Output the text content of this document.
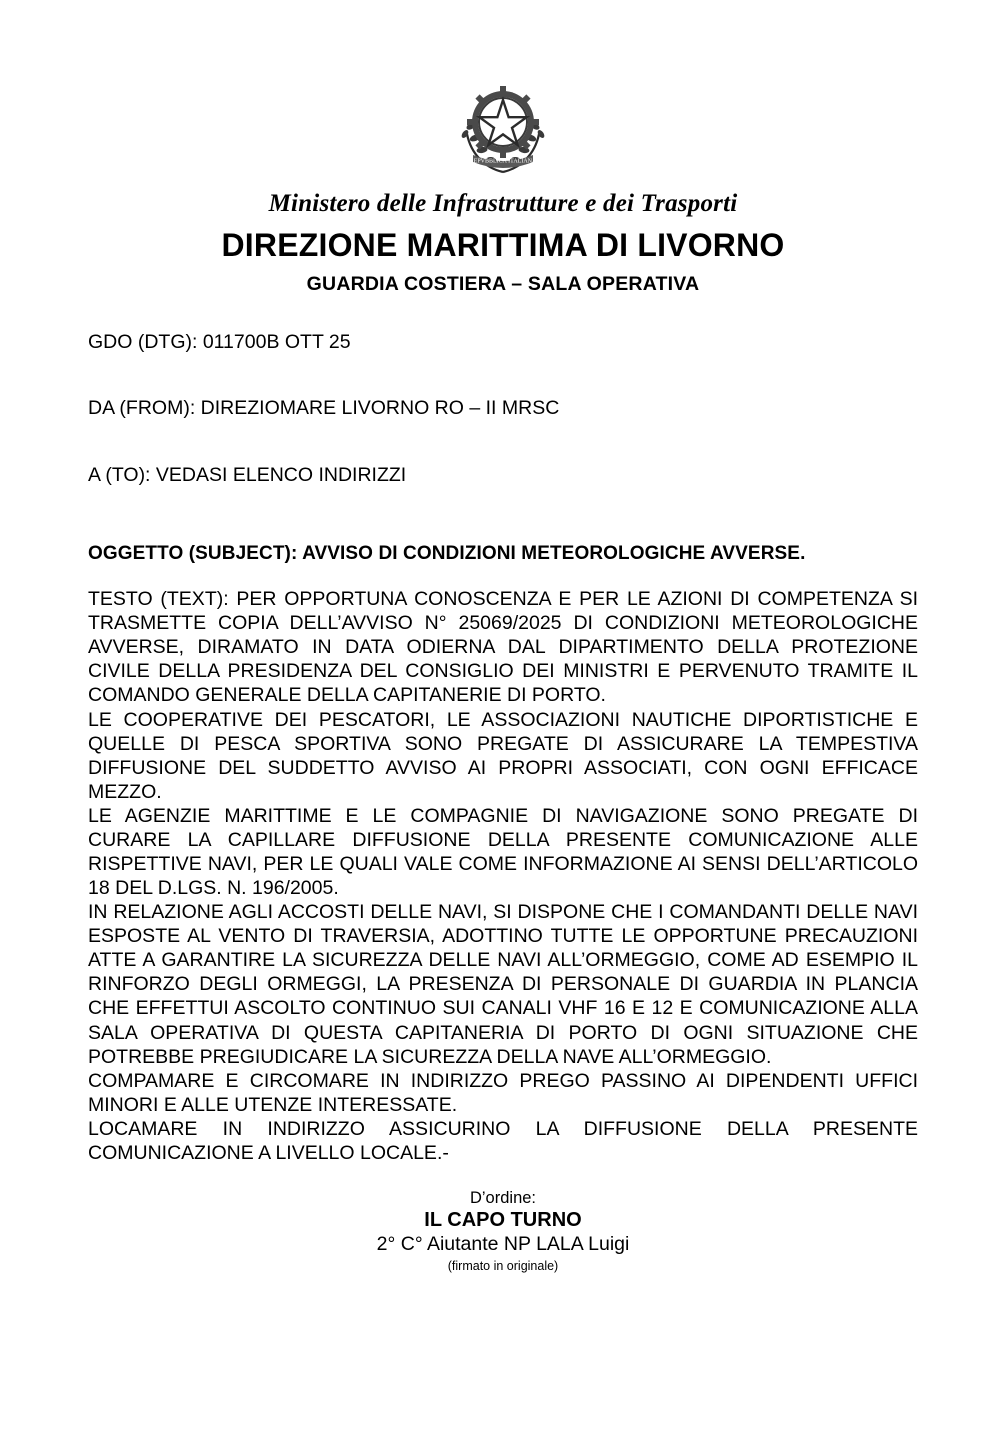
REPVBBLICA ITALIANA
Ministero delle Infrastrutture e dei Trasporti
DIREZIONE MARITTIMA DI LIVORNO
GUARDIA COSTIERA – SALA OPERATIVA
GDO (DTG): 011700B OTT 25
DA (FROM): DIREZIOMARE LIVORNO RO – II MRSC
A (TO): VEDASI ELENCO INDIRIZZI
OGGETTO (SUBJECT): AVVISO DI CONDIZIONI METEOROLOGICHE AVVERSE.

TESTO (TEXT): PER OPPORTUNA CONOSCENZA E PER LE AZIONI DI COMPETENZA SI TRASMETTE COPIA DELL’AVVISO N° 25069/2025 DI CONDIZIONI METEOROLOGICHE AVVERSE, DIRAMATO IN DATA ODIERNA DAL DIPARTIMENTO DELLA PROTEZIONE CIVILE DELLA PRESIDENZA DEL CONSIGLIO DEI MINISTRI E PERVENUTO TRAMITE IL COMANDO GENERALE DELLA CAPITANERIE DI PORTO.

LE COOPERATIVE DEI PESCATORI, LE ASSOCIAZIONI NAUTICHE DIPORTISTICHE E QUELLE DI PESCA SPORTIVA SONO PREGATE DI ASSICURARE LA TEMPESTIVA DIFFUSIONE DEL SUDDETTO AVVISO AI PROPRI ASSOCIATI, CON OGNI EFFICACE MEZZO.

LE AGENZIE MARITTIME E LE COMPAGNIE DI NAVIGAZIONE SONO PREGATE DI CURARE LA CAPILLARE DIFFUSIONE DELLA PRESENTE COMUNICAZIONE ALLE RISPETTIVE NAVI, PER LE QUALI VALE COME INFORMAZIONE AI SENSI DELL’ARTICOLO 18 DEL D.LGS. N. 196/2005.

IN RELAZIONE AGLI ACCOSTI DELLE NAVI, SI DISPONE CHE I COMANDANTI DELLE NAVI ESPOSTE AL VENTO DI TRAVERSIA, ADOTTINO TUTTE LE OPPORTUNE PRECAUZIONI ATTE A GARANTIRE LA SICUREZZA DELLE NAVI ALL’ORMEGGIO, COME AD ESEMPIO IL RINFORZO DEGLI ORMEGGI, LA PRESENZA DI PERSONALE DI GUARDIA IN PLANCIA CHE EFFETTUI ASCOLTO CONTINUO SUI CANALI VHF 16 E 12 E COMUNICAZIONE ALLA SALA OPERATIVA DI QUESTA CAPITANERIA DI PORTO DI OGNI SITUAZIONE CHE POTREBBE PREGIUDICARE LA SICUREZZA DELLA NAVE ALL’ORMEGGIO.

COMPAMARE E CIRCOMARE IN INDIRIZZO PREGO PASSINO AI DIPENDENTI UFFICI MINORI E ALLE UTENZE INTERESSATE.

LOCAMARE IN INDIRIZZO ASSICURINO LA DIFFUSIONE DELLA PRESENTE COMUNICAZIONE A LIVELLO LOCALE.-

D’ordine:
IL CAPO TURNO
2° C° Aiutante NP LALA Luigi
(firmato in originale)
